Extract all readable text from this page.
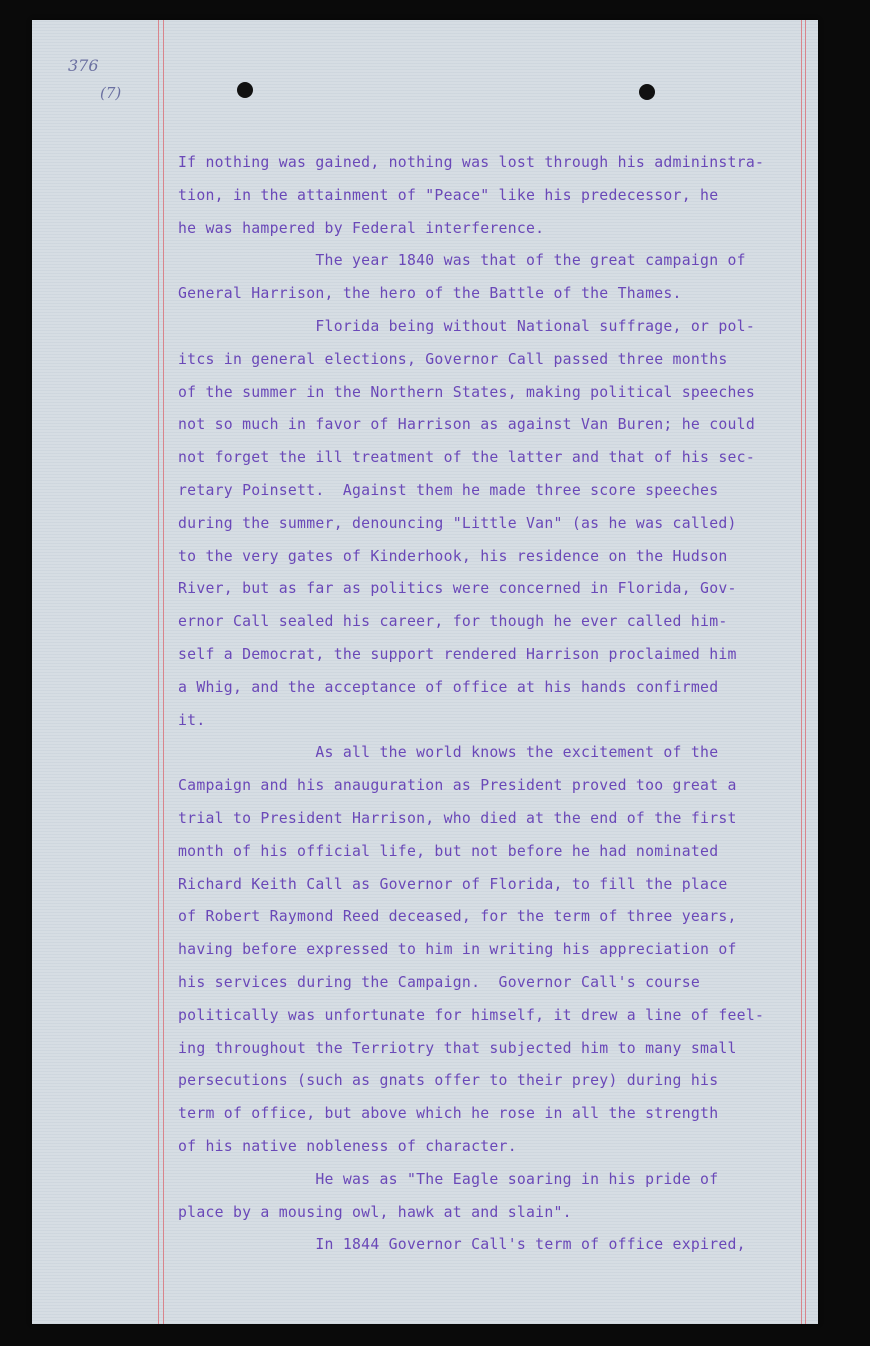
376
(7)
If nothing was gained, nothing was lost through his admininstra-
tion, in the attainment of "Peace" like his predecessor, he
he was hampered by Federal interference.
The year 1840 was that of the great campaign of
General Harrison, the hero of the Battle of the Thames.
Florida being without National suffrage, or pol-
itcs in general elections, Governor Call passed three months
of the summer in the Northern States, making political speeches
not so much in favor of Harrison as against Van Buren; he could
not forget the ill treatment of the latter and that of his sec-
retary Poinsett.  Against them he made three score speeches
during the summer, denouncing "Little Van" (as he was called)
to the very gates of Kinderhook, his residence on the Hudson
River, but as far as politics were concerned in Florida, Gov-
ernor Call sealed his career, for though he ever called him-
self a Democrat, the support rendered Harrison proclaimed him
a Whig, and the acceptance of office at his hands confirmed
it.
As all the world knows the excitement of the
Campaign and his anauguration as President proved too great a
trial to President Harrison, who died at the end of the first
month of his official life, but not before he had nominated
Richard Keith Call as Governor of Florida, to fill the place
of Robert Raymond Reed deceased, for the term of three years,
having before expressed to him in writing his appreciation of
his services during the Campaign.  Governor Call's course
politically was unfortunate for himself, it drew a line of feel-
ing throughout the Terriotry that subjected him to many small
persecutions (such as gnats offer to their prey) during his
term of office, but above which he rose in all the strength
of his native nobleness of character.
He was as "The Eagle soaring in his pride of
place by a mousing owl, hawk at and slain".
In 1844 Governor Call's term of office expired,
